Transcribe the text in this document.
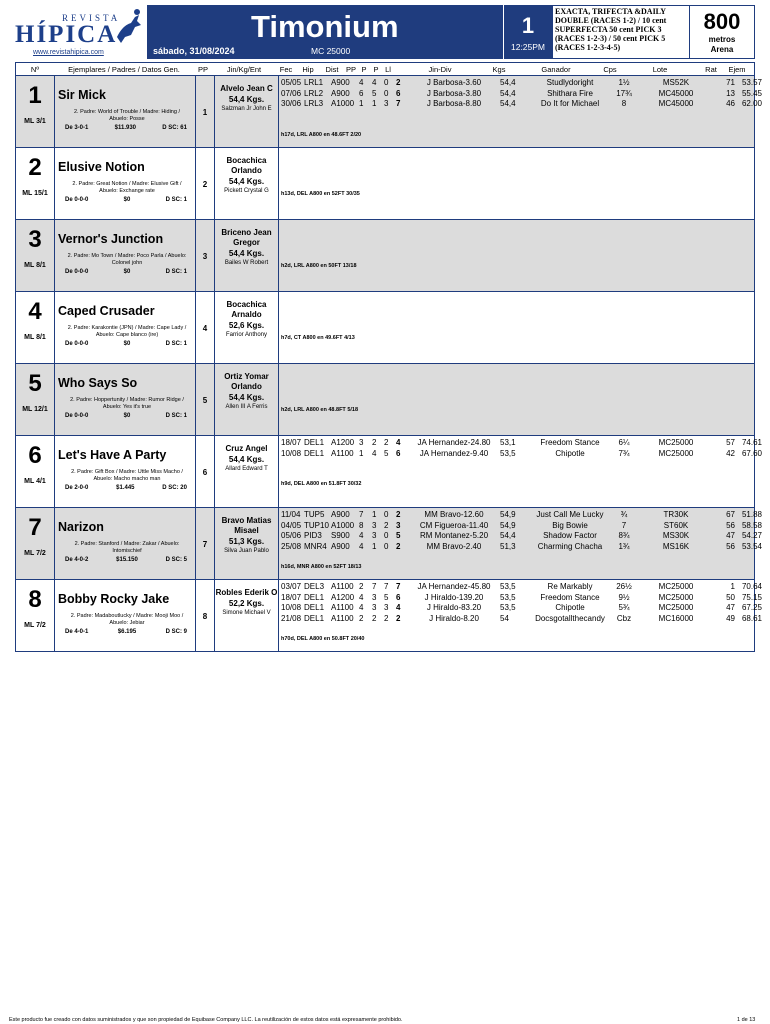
REVISTA
HÍPICA
www.revistahipica.com	sábado, 31/08/2024
Timonium
MC 25000
1
12:25PM
EXACTA, TRIFECTA &DAILY DOUBLE (RACES 1-2) / 10 cent SUPERFECTA 50 cent PICK 3 (RACES 1-2-3) / 50 cent PICK 5 (RACES 1-2-3-4-5)
800
metros
Arena
Nº	Ejemplares / Padres / Datos Gen.	PP	Jin/Kg/Ent	Fec	Hip	Dist	PP P P Ll	Jin-Div	Kgs	Ganador	Cps	Lote	Rat	Ejem
1
ML 3/1
Sir Mick
2. Padre: World of Trouble / Madre: Hiding / Abuelo: Posse
De 3-0-1	$11.930	D SC: 61
1
Alvelo Jean C
54,4 Kgs.
Salzman Jr John E
05/05 LRL1 A900 4 4 0 2	J Barbosa-3.60	54,4	Studlydoright	1½	MS52K	71 53.57
07/06 LRL2 A900 6 5 0 6	J Barbosa-3.80	54,4	Shithara Fire	17¾	MC45000	13 55.45
30/06 LRL3 A1000 1 1 3 7	J Barbosa-8.80	54,4	Do It for Michael	8	MC45000	46 62.00
h17d, LRL A800 en 48.6FT 2/20
2
ML 15/1
Elusive Notion
2. Padre: Great Notion / Madre: Elusive Gift / Abuelo: Exchange rate
De 0-0-0	$0	D SC: 1
2
Bocachica Orlando
54,4 Kgs.
Pickett Crystal G	h13d, DEL A800 en 52FT 30/35
3
ML 8/1
Vernor's Junction
2. Padre: Mo Town / Madre: Poco Parla / Abuelo: Colonel john
De 0-0-0	$0	D SC: 1
3
Briceno Jean Gregor
54,4 Kgs.
Bailes W Robert	h2d, LRL A800 en 50FT 13/18
4
ML 8/1
Caped Crusader
2. Padre: Karakontie (JPN) / Madre: Cape Lady / Abuelo: Cape blanco (ire)
De 0-0-0	$0	D SC: 1
4
Bocachica Arnaldo
52,6 Kgs.
Farrior Anthony	h7d, CT A800 en 49.6FT 4/13
5
ML 12/1
Who Says So
2. Padre: Hoppertunity / Madre: Rumor Ridge / Abuelo: Yes it's true
De 0-0-0	$0	D SC: 1
5
Ortiz Yomar Orlando
54,4 Kgs.
Allen III A Ferris	h2d, LRL A800 en 48.8FT 5/18
6
ML 4/1
Let's Have A Party
2. Padre: Gift Box / Madre: Uttle Miss Macho / Abuelo: Macho macho man
De 2-0-0	$1.445	D SC: 20
6
Cruz Angel
54,4 Kgs.
Allard Edward T
18/07 DEL1 A1200 3 2 2 4	JA Hernandez-24.80	53,1	Freedom Stance	6¼	MC25000	57 74.61
10/08 DEL1 A1100 1 4 5 6	JA Hernandez-9.40	53,5	Chipotle	7¾	MC25000	42 67.60
h9d, DEL A800 en 51.8FT 30/32
7
ML 7/2
Narizon
2. Padre: Stanford / Madre: Zakar / Abuelo: Intomischief
De 4-0-2	$15.150	D SC: 5
7
Bravo Matias Misael
51,3 Kgs.
Silva Juan Pablo
11/04 TUP5 A900 7 1 0 2	MM Bravo-12.60	54,9	Just Call Me Lucky	¾	TR30K	67 51.88
04/05 TUP10 A1000 8 3 2 3	CM Figueroa-11.40	54,9	Big Bowie	7	ST60K	56 58.58
05/06 PID3 S900 4 3 0 5	RM Montanez-5.20	54,4	Shadow Factor	8¾	MS30K	47 54.27
25/08 MNR4 A900 4 1 0 2	MM Bravo-2.40	51,3	Charming Chacha	1¾	MS16K	56 53.54
h16d, MNR A800 en 52FT 18/13
8
ML 7/2
Bobby Rocky Jake
2. Padre: Madaboutlucky / Madre: Mooji Moo / Abuelo: Jebiar
De 4-0-1	$6.195	D SC: 9
8
Robles Ederik O
52,2 Kgs.
Simone Michael V
03/07 DEL3 A1100 2 7 7 7	JA Hernandez-45.80	53,5	Re Markably	26½	MC25000	1 70.64
18/07 DEL1 A1200 4 3 5 6	J Hiraldo-139.20	53,5	Freedom Stance	9½	MC25000	50 75.15
10/08 DEL1 A1100 4 3 3 4	J Hiraldo-83.20	53,5	Chipotle	5¾	MC25000	47 67.25
21/08 DEL1 A1100 2 2 2 2	J Hiraldo-8.20	54	Docsgotallthecandy	Cbz	MC16000	49 68.61
h70d, DEL A800 en 50.8FT 20/40
Este producto fue creado con datos suministrados y que son propiedad de Equibase Company LLC. La reutilización de estos datos está expresamente prohibido.	1 de 13
